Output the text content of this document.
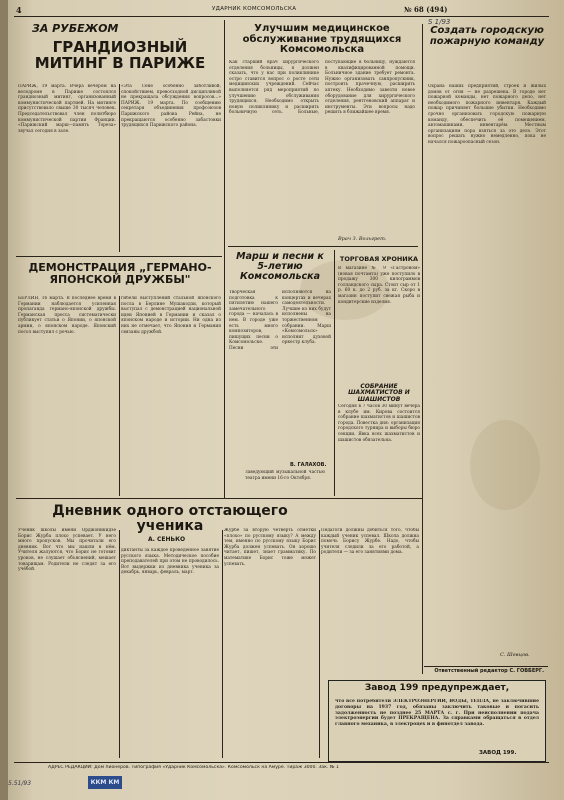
4	УДАРНИК КОМСОМОЛЬСКА	№ 68 (494)
ЗА РУБЕЖОМ
ГРАНДИОЗНЫЙ МИТИНГ В ПАРИЖЕ
ПАРИЖ, 19 марта. Вчера вечером на велодроме в Париже состоялся грандиозный митинг, организованный коммунистической партией. На митинге присутствовало свыше 30 тысяч человек. Председательствовал член политбюро коммунистической партии Франции. «Парижский марш—память Тореза» звучал сегодня в зале.
«Эта Сене особенно заботливой, спокойствием, превосходной дисциплиной не прекращала обсуждения вопросов...» ПАРИЖ. 19 марта. По сообщению секретаря объединения профсоюзов Парижского района Рейна, не прекращаются особенно забастовки трудящихся Парижского района.
ДЕМОНСТРАЦИЯ „ГЕРМАНО-ЯПОНСКОЙ ДРУЖБЫ"
БЕРЛИН, 16 марта. В последнее время в Германии наблюдается усиленная пропаганда германо-японской дружбы. Германская пресса систематически публикует статьи о Японии, о японской армии, о японском народе. Японский посол выступил с речью.
гибели выступлений стальной японского посла в Берлине Мушакодзи, который выступал с демонстрацией национальной идеи Японией в Германии и сказал о японском народе и истории. Ни одна из них не отмечает, что Япония и Германия связаны дружбой.
Улучшим медицинское обслуживание трудящихся Комсомольска
Как старший врач хирургического отделения больницы, я должен сказать, что у нас при поликлинике остро ставится вопрос о росте сети медицинских учреждений. Сейчас выполняется ряд мероприятий по улучшению обслуживания трудящихся. Необходимо открыть новую поликлинику и расширить больничную сеть. Больные, поступающие в больницу, нуждаются в квалифицированной помощи. Больничное здание требует ремонта. Нужно организовать санпропускник, построить прачечную, расширить аптеку. Необходимо завезти новое оборудование для хирургического отделения, рентгеновский аппарат и инструменты. Эти вопросы надо решить в ближайшее время.
Врач З. Вольгрет.
Марш и песни к 5-летию Комсомольска
Творческая подготовка к пятилетию нашего замечательного города — началась в нем. В городе уже есть много композиторов, пишущих песни о Комсомольске. Песни эти исполняются на концертах и вечерах самодеятельности. Лучшие из них будут исполнены на торжественном собрании. Марш «Комсомольск» исполнит духовой оркестр клуба.
В. ГАЛАХОВ.
Заведующий музыкальной частью театра имени 16-го Октября.
ТОРГОВАЯ ХРОНИКА
В магазине № 9 «Гастроном» (новая почтамта) уже поступило в продажу 300 килограммов голландского сыра. Стоит сыр от 1 р. 60 к. до 2 руб. за кг. Скоро в магазин поступит свежая рыба и кондитерские изделия.
СОБРАНИЕ ШАХМАТИСТОВ И ШАШИСТОВ
Сегодня в 7 часов 30 минут вечера в клубе им. Кирова состоится собрание шахматистов и шашистов города. Повестка дня: организация городского турнира и выборы бюро секции. Явка всех шахматистов и шашистов обязательна.
Создать городскую пожарную команду
Охрана наших предприятий, строек и жилых домов от огня — не разрешена. В городе нет пожарной команды, нет пожарного депо, нет необходимого пожарного инвентаря. Каждый пожар причиняет большие убытки. Необходимо срочно организовать городскую пожарную команду, обеспечить её помещением, автомашинами, инвентарём. Местным организациям пора взяться за это дело. Этот вопрос решать нужно немедленно, пока не начался пожароопасный сезон.
С. Шевцов.
Дневник одного отстающего ученика
А. СЕНЬКО
Ученик школы имени Орджоникидзе Борис Журба плохо успевает. У него много пропусков. Мы прочитали его дневник. Вот что мы нашли в нём. Учителя жалуются, что Борис не готовит уроков, не слушает объяснений, мешает товарищам. Родители не следят за его учёбой.
диктанты за каждое проведённое занятие русского языка. Методическое пособие преподавателей при этом не проводилось. Вот выдержки из дневника ученика за декабрь, январь, февраль, март.
Журбе за вторую четверть отметки «плохо» по русскому языку? А между тем, именно по русскому языку Борис Журба должен успевать. Он хорошо читает, пишет, знает грамматику. По математике Борис тоже может успевать.
Педагоги должны добиться того, чтобы каждый ученик успевал. Школа должна помочь Борису Журбе. Надо, чтобы учителя следили за его работой, а родители — за его занятиями дома.
Ответственный редактор С. ГОВБЕРГ.
Завод 199 предупреждает,
что все потребители ЭЛЕКТРОЭНЕРГИИ, ВОДЫ, ТЕПЛА, не заключившие договоры на 1937 год, обязаны заключить таковые и погасить задолженность не позднее 25 МАРТА с. г. При неисполнении подача электроэнергии будет ПРЕКРАЩЕНА. За справками обращаться в отдел главного механика, в электроцех и в финотдел завода.
ЗАВОД 199.
АДРЕС РЕДАКЦИИ: Дом пионеров. Типография «Ударник Комсомольска». Комсомольск на Амуре. Тираж 3000. Зак. № 1
ККМ КМ
5.51/93
S 1/93
